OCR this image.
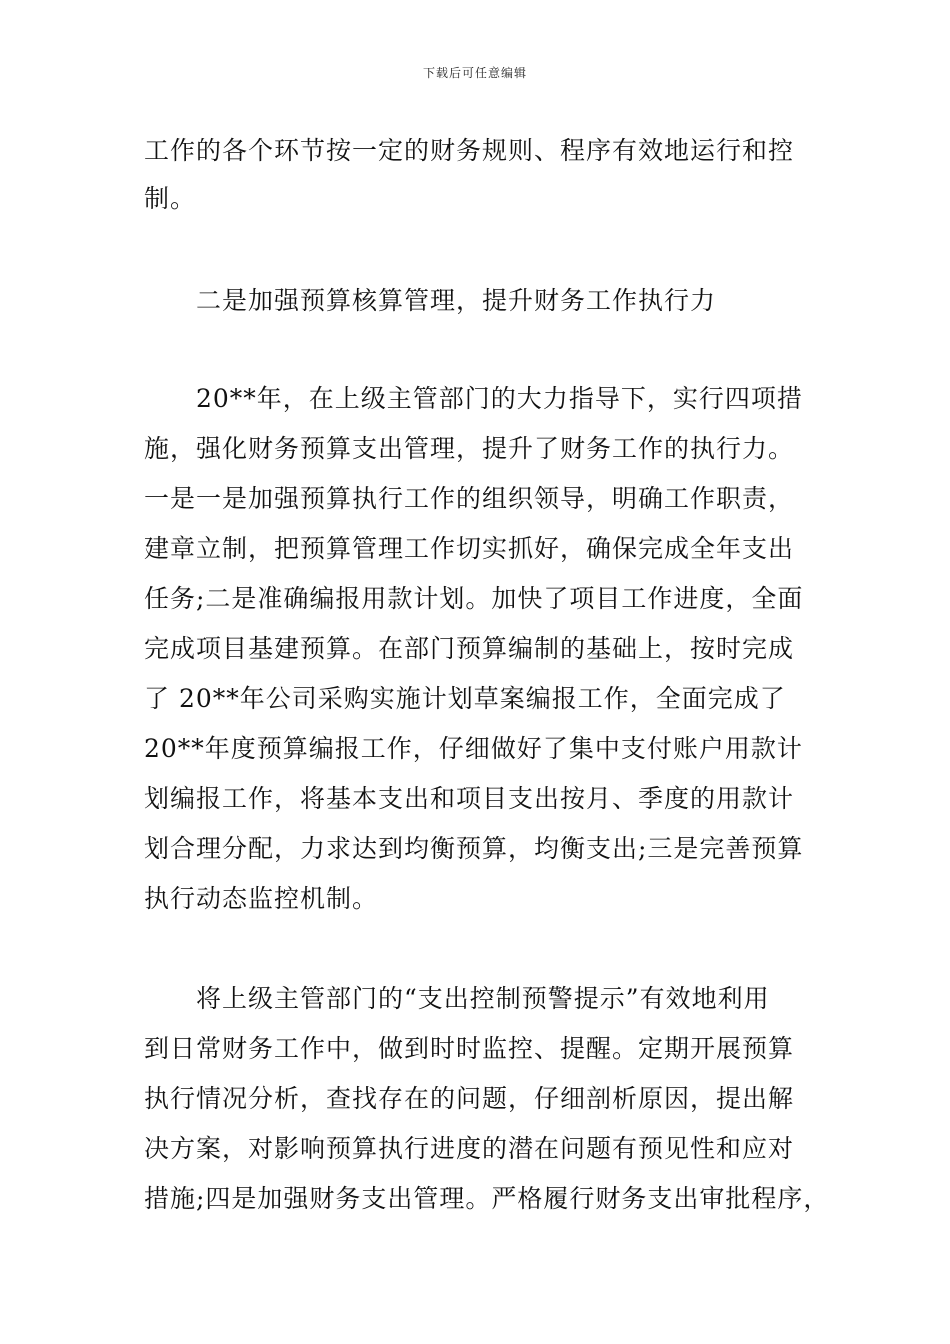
下载后可任意编辑
工作的各个环节按一定的财务规则、程序有效地运行和控
制。
二是加强预算核算管理，提升财务工作执行力
20**年，在上级主管部门的大力指导下，实行四项措
施，强化财务预算支出管理，提升了财务工作的执行力。
一是一是加强预算执行工作的组织领导，明确工作职责，
建章立制，把预算管理工作切实抓好，确保完成全年支出
任务;二是准确编报用款计划。加快了项目工作进度，全面
完成项目基建预算。在部门预算编制的基础上，按时完成
了 20**年公司采购实施计划草案编报工作，全面完成了
20**年度预算编报工作，仔细做好了集中支付账户用款计
划编报工作，将基本支出和项目支出按月、季度的用款计
划合理分配，力求达到均衡预算，均衡支出;三是完善预算
执行动态监控机制。
将上级主管部门的“支出控制预警提示”有效地利用
到日常财务工作中，做到时时监控、提醒。定期开展预算
执行情况分析，查找存在的问题，仔细剖析原因，提出解
决方案，对影响预算执行进度的潜在问题有预见性和应对
措施;四是加强财务支出管理。严格履行财务支出审批程序，
